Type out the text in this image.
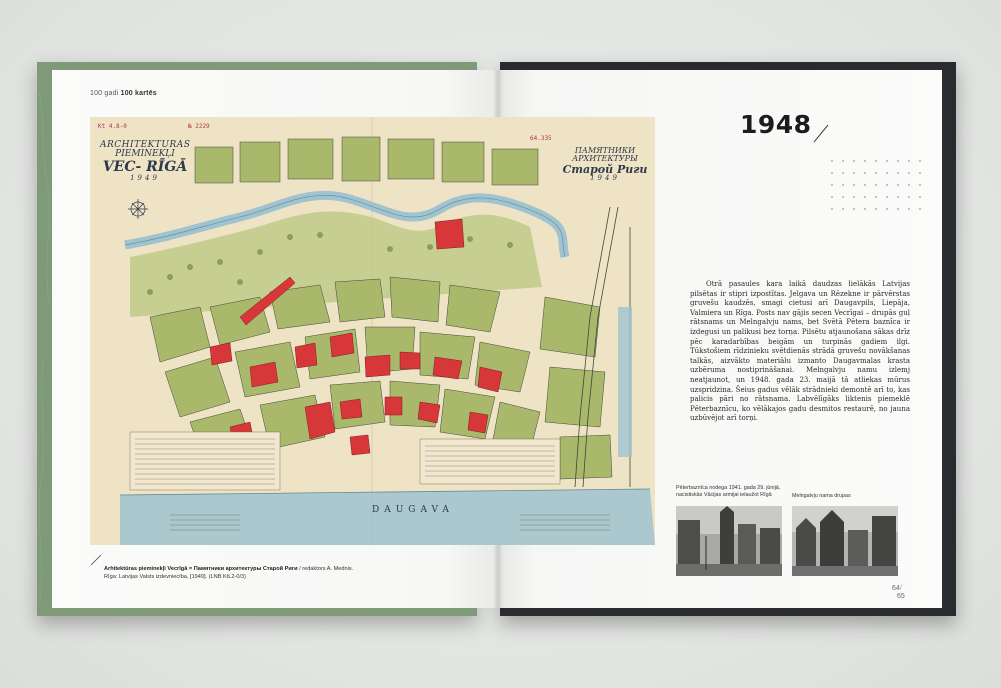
100 gadi 100 kartēs
ARCHITEKTURAS
PIEMINEKĻI
VEC- RĪGĀ
1949
ПАМЯТНИКИ
АРХИТЕКТУРЫ
Старой Риги
1949
DAUGAVA
Kt 4.8-0	№ 2229
64.335
Arhitektūras pieminekļi Vecrīgā = Памятники архитектуры Старой Риги / redaktors A. Mednis. Rīga: Latvijas Valsts izdevniecība, [1949]. (LNB KtL2-0/3)
1948
Otrā pasaules kara laikā daudzas lielākās Latvijas pilsētas ir stipri izpostītas. Jelgava un Rēzekne ir pārvērstas gruvešu kaudzēs, smagi cietusi arī Daugavpils, Liepāja, Valmiera un Rīga. Posts nav gājis secen Vecrīgai – drupās guļ rātsnams un Melngalvju nams, bet Svētā Pētera baznīca ir izdegusi un palikusi bez torņa. Pilsētu atjaunošana sākas drīz pēc karadarbības beigām un turpinās gadiem ilgi. Tūkstošiem rīdzinieku svētdienās strādā gruvešu novākšanas talkās, aizvākto materiālu izmanto Daugavmalas krasta uzbēruma nostiprināšanai. Melngalvju namu izlemj neatjaunot, un 1948. gada 23. maijā tā atliekas mūrus uzspridzina. Šeius gadus vēlāk strādnieki demontē arī to, kas palicis pāri no rātsnama. Labvēlīgāks liktenis piemeklē Pēterbaznīcu, ko vēlākajos gadu desmitos restaurē, no jauna uzbūvējot arī torņi.
Pēterbaznīca nodega 1941. gada 29. jūnijā, nacistiskās Vācijas armijai ielaužot Rīgā	Melngalvju nama drupas
64/
65
